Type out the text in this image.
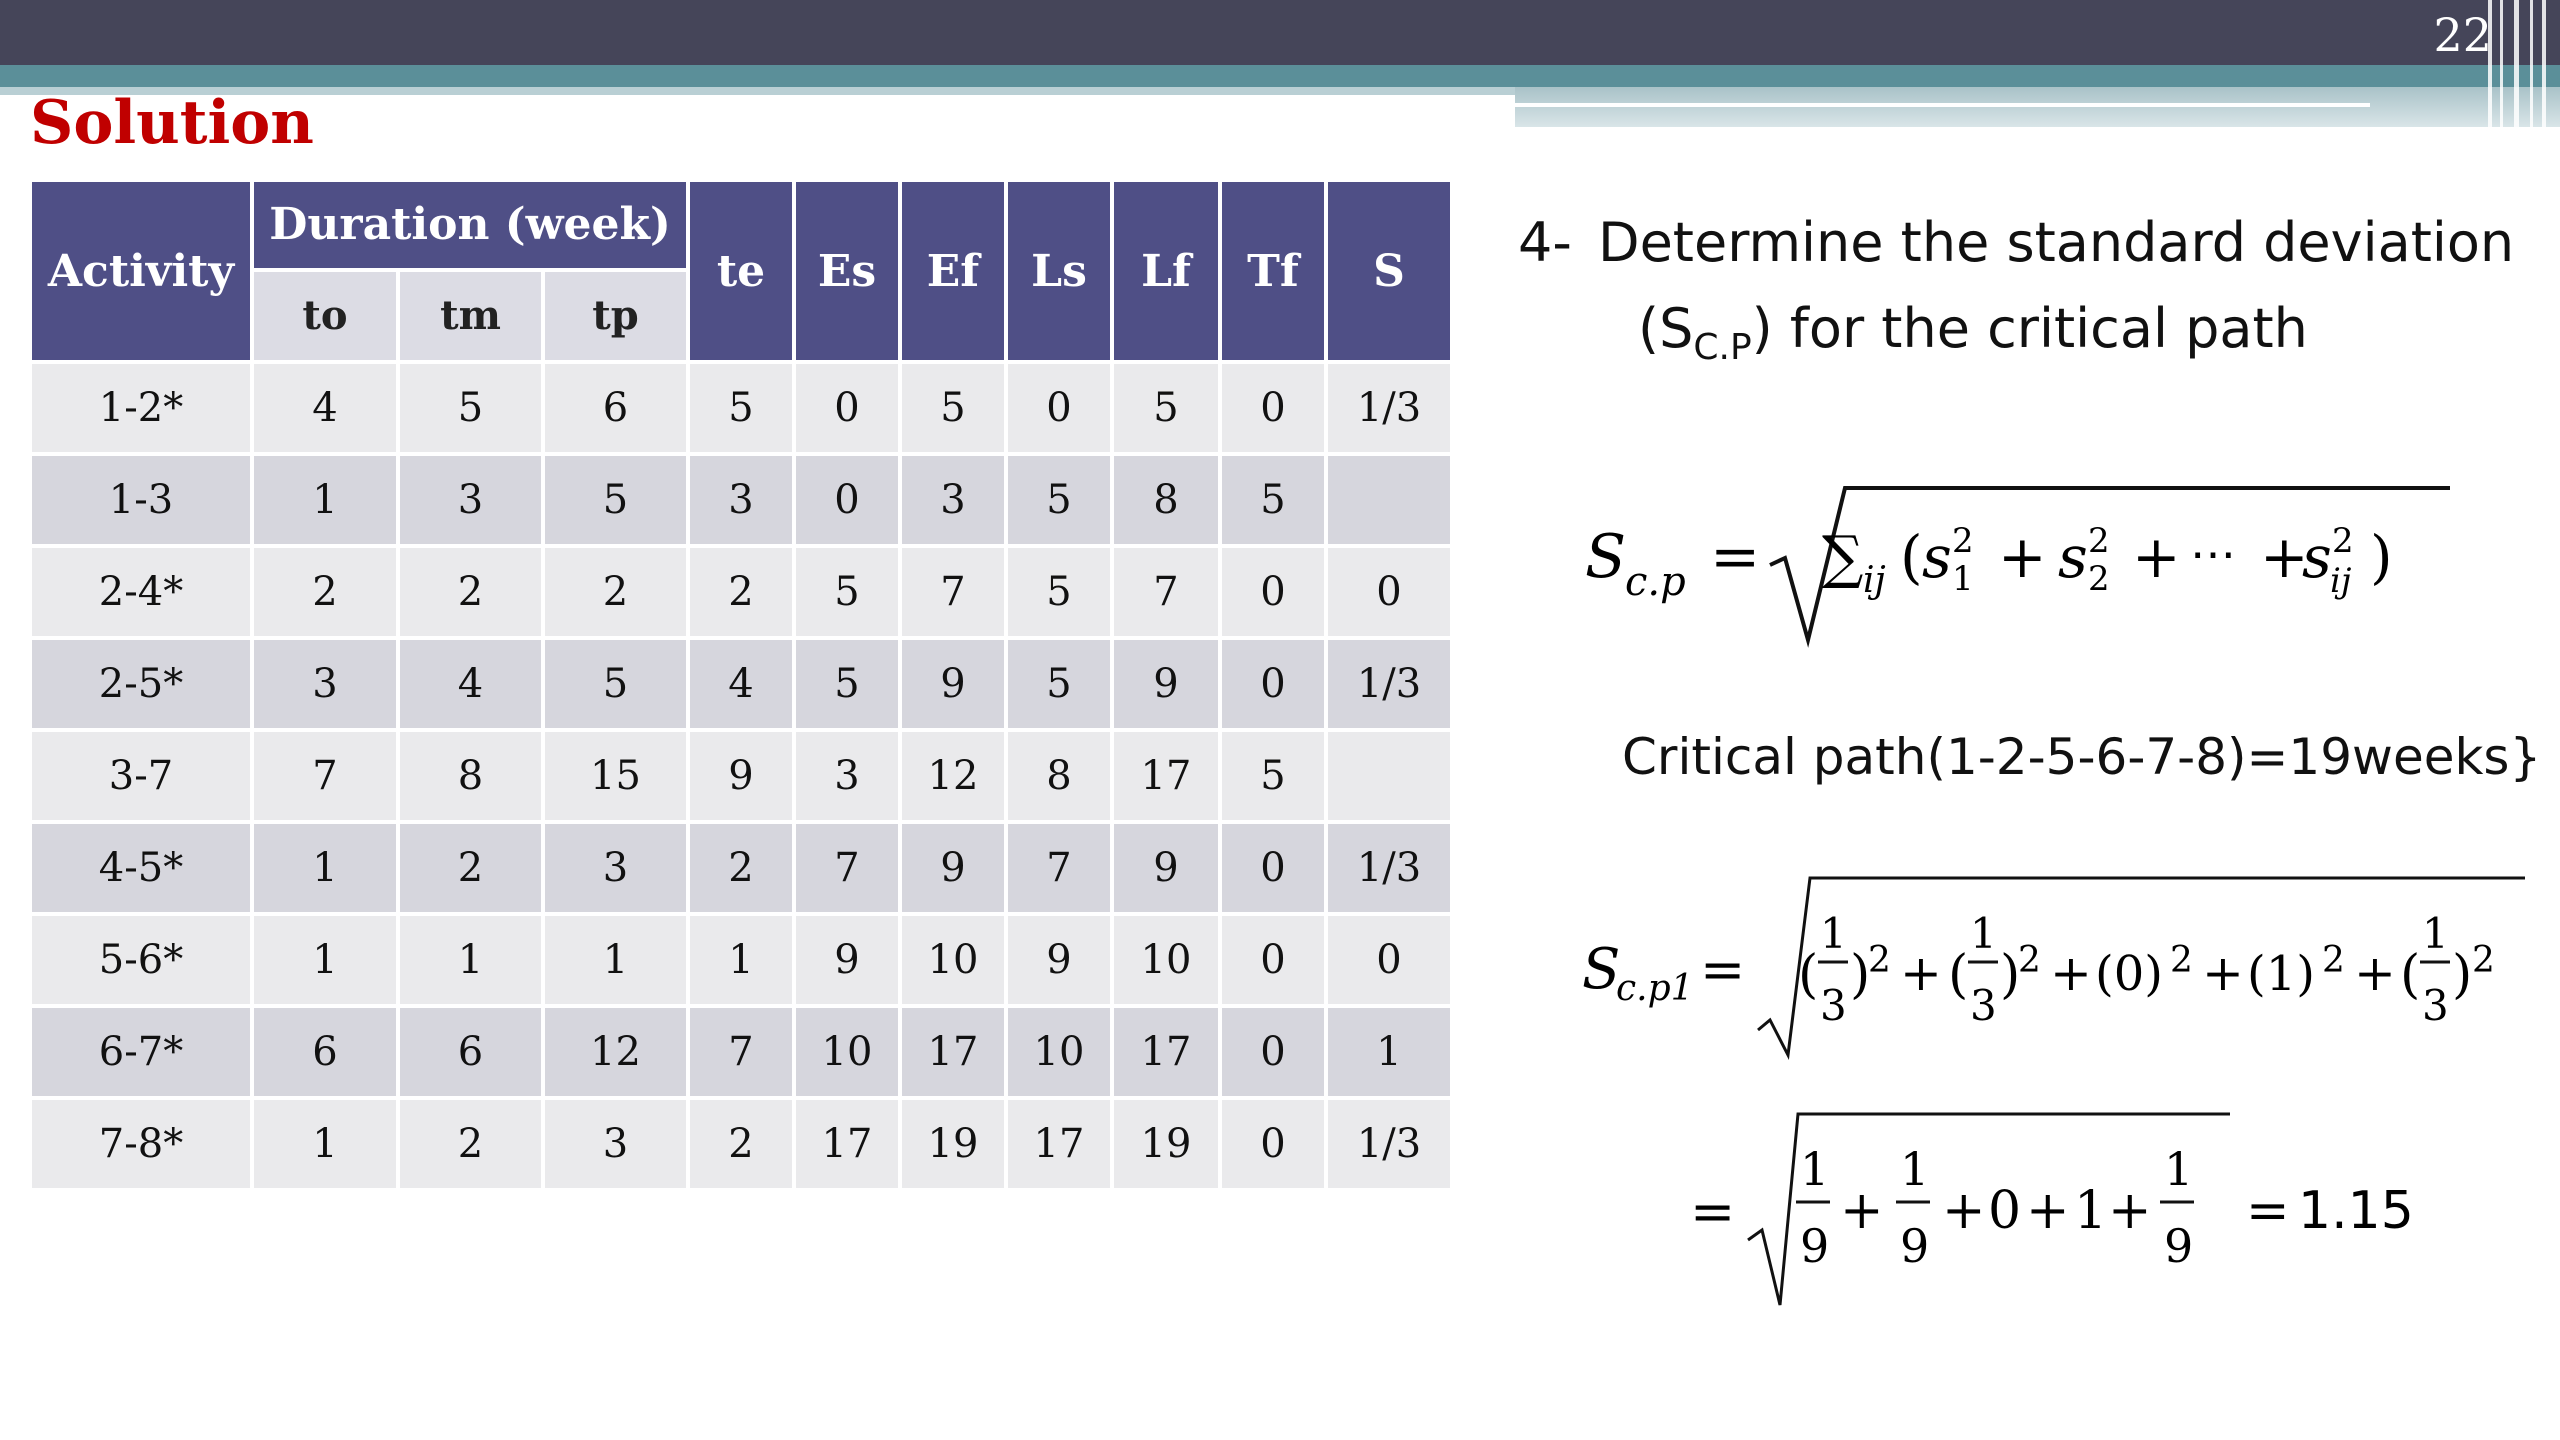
22
Solution
Activity	Duration (week)			te	Es	Ef	Ls	Lf	Tf	S
	to	tm	tp							
1-2*	4	5	6	5	0	5	0	5	0	1/3
1-3	1	3	5	3	0	3	5	8	5	
2-4*	2	2	2	2	5	7	5	7	0	0
2-5*	3	4	5	4	5	9	5	9	0	1/3
3-7	7	8	15	9	3	12	8	17	5	
4-5*	1	2	3	2	7	9	7	9	0	1/3
5-6*	1	1	1	1	9	10	9	10	0	0
6-7*	6	6	12	7	10	17	10	17	0	1
7-8*	1	2	3	2	17	19	17	19	0	1/3
4- Determine the standard deviation
$(S_{C.P})$ for the critical path
S
c.p = ∑ ij ( s 2
1 + s 2
2 + ⋯ +
s 2
ij )
Critical path(1-2-5-6-7-8)=19weeks}
S
c.p1 = (
1
3
)
2 + (
1
3
)
2 + (0) 2 + (1) 2 + (
1
3
) 2
=
1
9
+
1
9
+ 0 + 1 +
1
9
= 1.15
